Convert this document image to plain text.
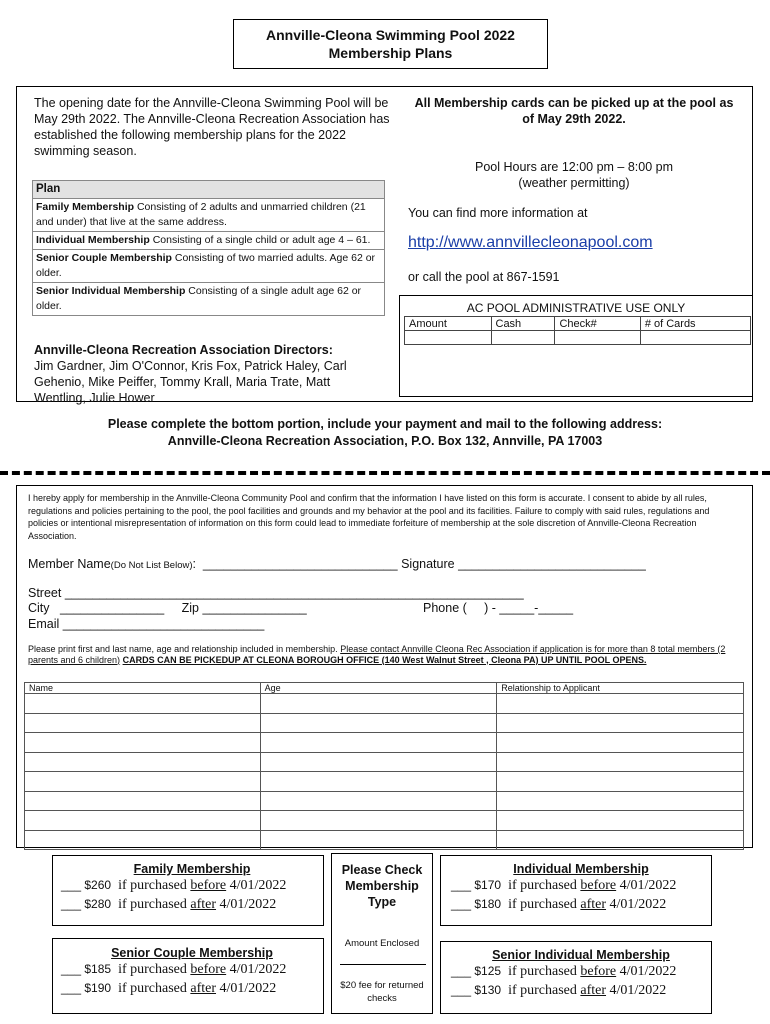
Annville-Cleona Swimming Pool 2022
Membership Plans
The opening date for the Annville-Cleona Swimming Pool will be May 29th 2022. The Annville-Cleona Recreation Association has established the following membership plans for the 2022 swimming season.
All Membership cards can be picked up at the pool as of May 29th 2022.
Pool Hours are 12:00 pm – 8:00 pm
(weather permitting)
You can find more information at
http://www.annvillecleonapool.com
or call the pool at 867-1591
Plan
Family Membership Consisting of 2 adults and unmarried children (21 and under) that live at the same address.
Individual Membership Consisting of a single child or adult age 4 – 61.
Senior Couple Membership Consisting of two married adults. Age 62 or older.
Senior Individual Membership Consisting of a single adult age 62 or older.
Annville-Cleona Recreation Association Directors:
Jim Gardner, Jim O'Connor, Kris Fox, Patrick Haley, Carl Gehenio, Mike Peiffer, Tommy Krall, Maria Trate, Matt Wentling, Julie Hower
AC POOL ADMINISTRATIVE USE ONLY
Amount	Cash	Check#	# of Cards

Please complete the bottom portion, include your payment and mail to the following address:
Annville-Cleona Recreation Association, P.O. Box 132, Annville, PA 17003
I hereby apply for membership in the Annville-Cleona Community Pool and confirm that the information I have listed on this form is accurate. I consent to abide by all rules, regulations and policies pertaining to the pool, the pool facilities and grounds and my behavior at the pool and its facilities. Failure to comply with said rules, regulations and policies or intentional misrepresentation of information on this form could lead to immediate forfeiture of membership at the sole discretion of Annville-Cleona Recreation Association.
Member Name(Do Not List Below):  ____________________________ Signature ___________________________
Street __________________________________________________________________
City   _______________ Zip _______________	Phone (     ) - _____-_____
Email _____________________________
Please print first and last name, age and relationship included in membership. Please contact Annville Cleona Rec Association if application is for more than 8 total members (2 parents and 6 children) CARDS CAN BE PICKEDUP AT CLEONA BOROUGH OFFICE (140 West Walnut Street , Cleona PA) UP UNTIL POOL OPENS.
Name	Age	Relationship to Applicant

Family Membership
___ $260 if purchased before 4/01/2022
___ $280 if purchased after 4/01/2022
Please Check Membership Type
Amount Enclosed
$20 fee for returned checks
Individual Membership
___ $170 if purchased before 4/01/2022
___ $180 if purchased after 4/01/2022
Senior Couple Membership
___ $185 if purchased before 4/01/2022
___ $190 if purchased after 4/01/2022
Senior Individual Membership
___ $125 if purchased before 4/01/2022
___ $130 if purchased after 4/01/2022
